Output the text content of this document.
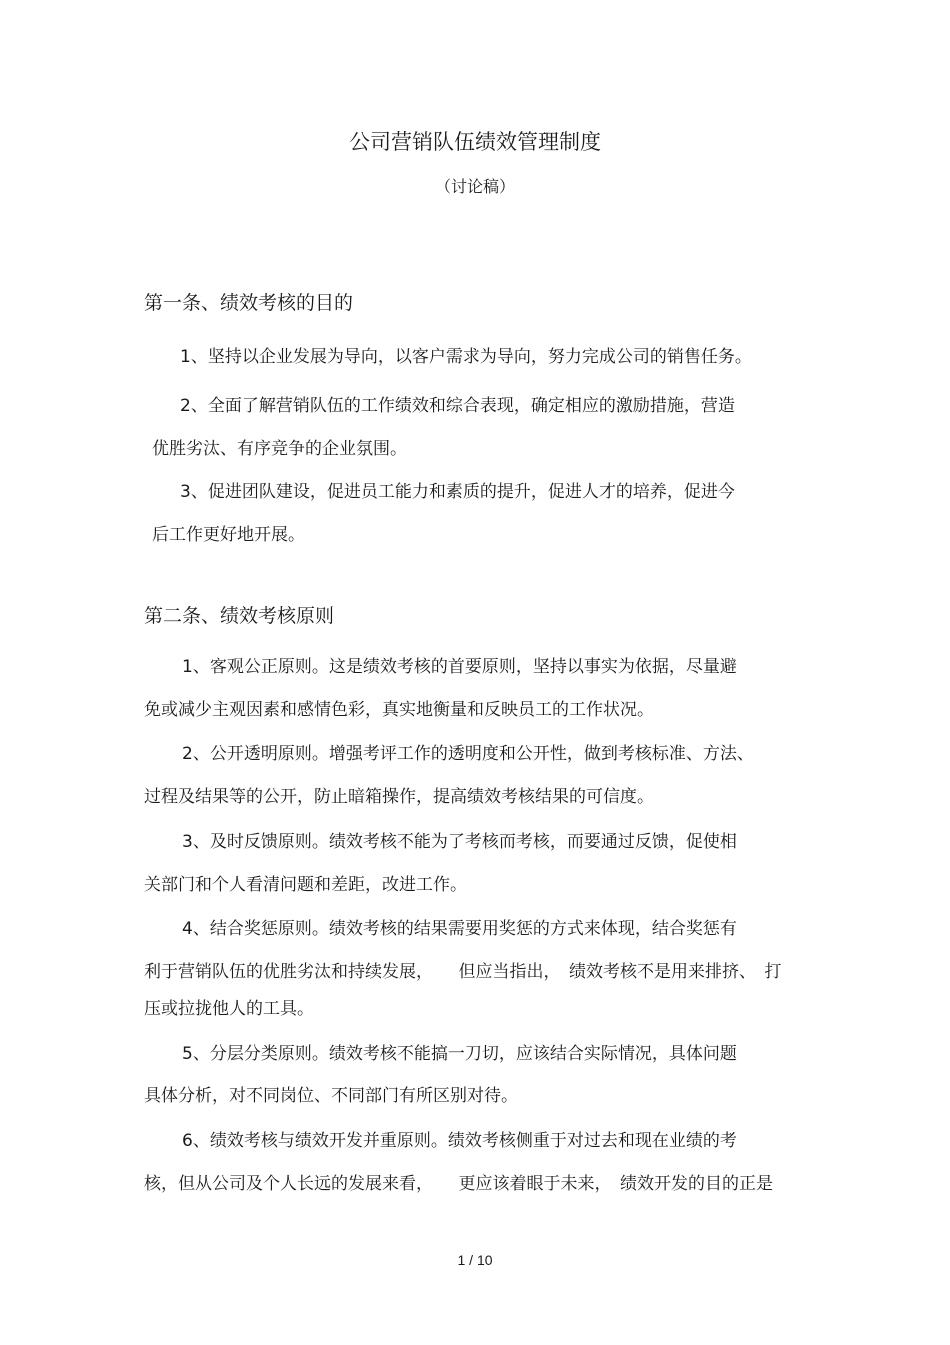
公司营销队伍绩效管理制度
（讨论稿）
第一条、绩效考核的目的
1、坚持以企业发展为导向，以客户需求为导向，努力完成公司的销售任务。
2、全面了解营销队伍的工作绩效和综合表现，确定相应的激励措施，营造
优胜劣汰、有序竞争的企业氛围。
3、促进团队建设，促进员工能力和素质的提升，促进人才的培养，促进今
后工作更好地开展。
第二条、绩效考核原则
1、客观公正原则。这是绩效考核的首要原则，坚持以事实为依据，尽量避
免或减少主观因素和感情色彩，真实地衡量和反映员工的工作状况。
2、公开透明原则。增强考评工作的透明度和公开性，做到考核标准、方法、
过程及结果等的公开，防止暗箱操作，提高绩效考核结果的可信度。
3、及时反馈原则。绩效考核不能为了考核而考核，而要通过反馈，促使相
关部门和个人看清问题和差距，改进工作。
4、结合奖惩原则。绩效考核的结果需要用奖惩的方式来体现，结合奖惩有
利于营销队伍的优胜劣汰和持续发展，　　但应当指出，　绩效考核不是用来排挤、　打
压或拉拢他人的工具。
5、分层分类原则。绩效考核不能搞一刀切，应该结合实际情况，具体问题
具体分析，对不同岗位、不同部门有所区别对待。
6、绩效考核与绩效开发并重原则。绩效考核侧重于对过去和现在业绩的考
核，但从公司及个人长远的发展来看，　　更应该着眼于未来，　绩效开发的目的正是
1 / 10
